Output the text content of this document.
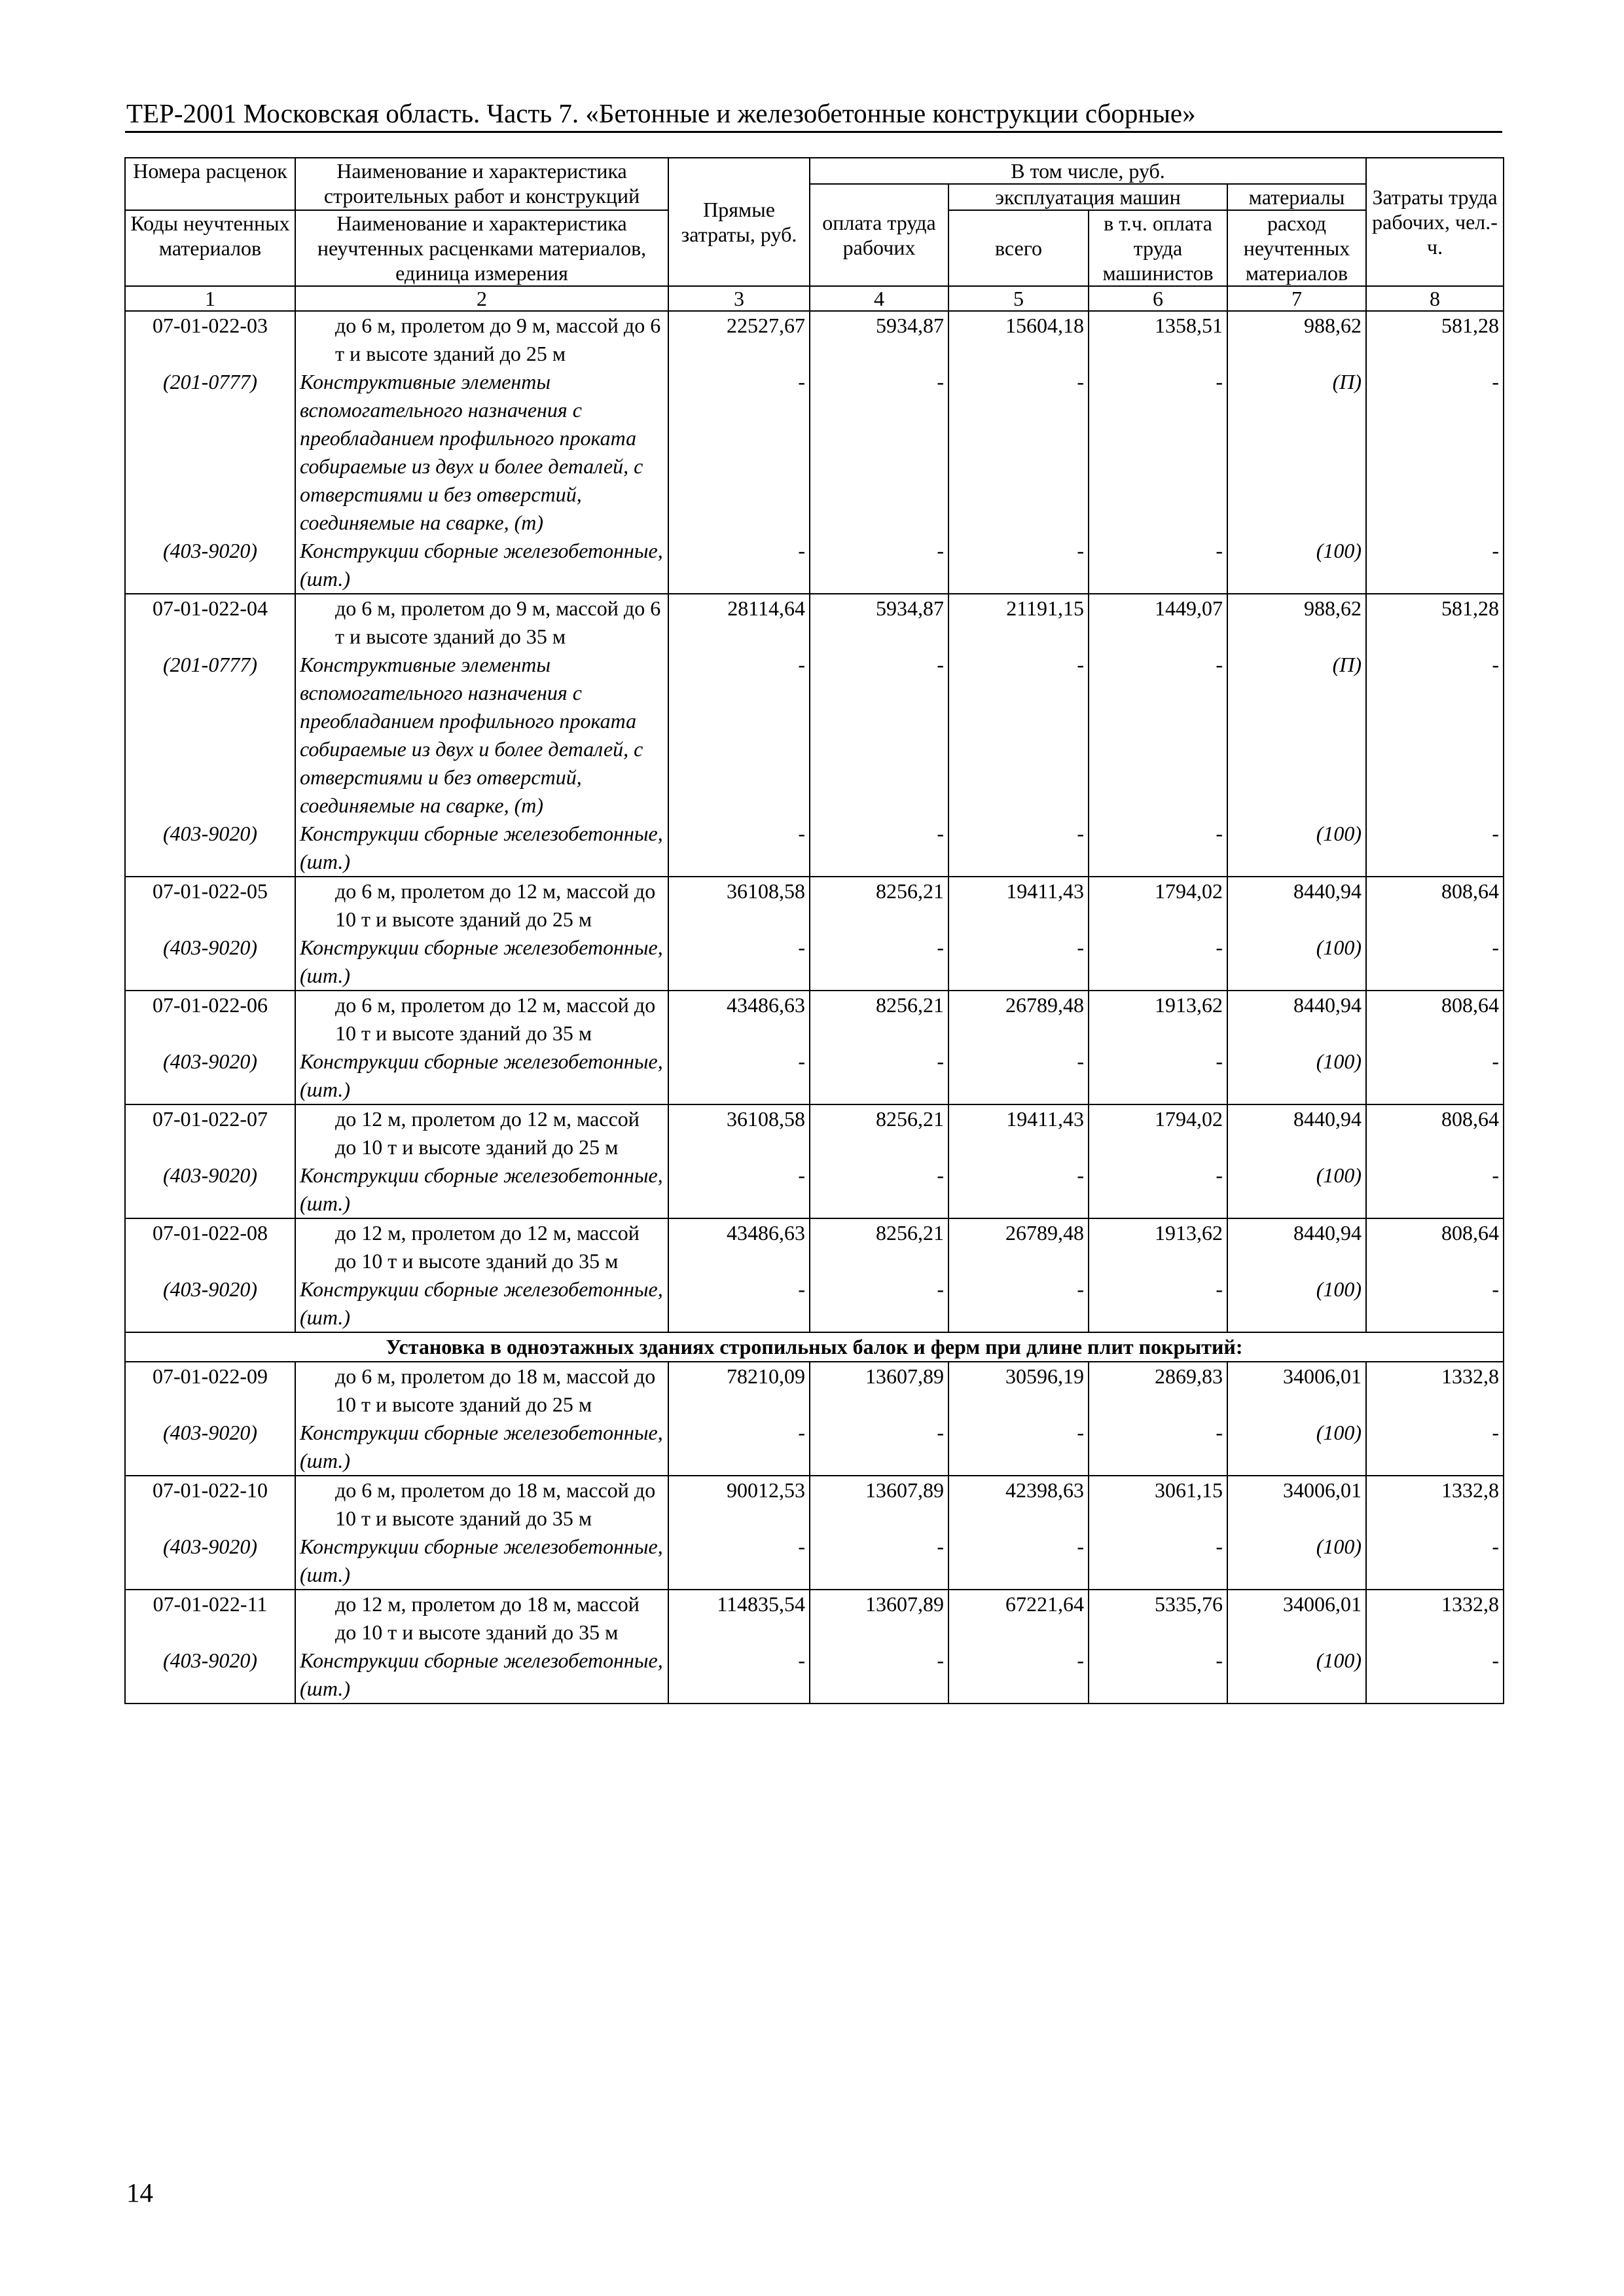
ТЕР-2001 Московская область. Часть 7. «Бетонные и железобетонные конструкции сборные»
Номера расценок	Наименование и характеристика строительных работ и конструкций	Прямые затраты, руб.	В том числе, руб.				Затраты труда рабочих, чел.-ч.
			оплата труда рабочих	эксплуатация машин		материалы	
Коды неучтенных материалов	Наименование и характеристика неучтенных расценками материалов, единица измерения			всего	в т.ч. оплата труда машинистов	расход неучтенных материалов	

1	2	3	4	5	6	7	8
07-01-022-03	до 6 м, пролетом до 9 м, массой до 6 т и высоте зданий до 25 м	22527,67	5934,87	15604,18	1358,51	988,62	581,28
(201-0777)	Конструктивные элементы вспомогательного назначения с преобладанием профильного проката собираемые из двух и более деталей, с отверстиями и без отверстий, соединяемые на сварке, (т)	-	-	-	-	(П)	-
(403-9020)	Конструкции сборные железобетонные, (шт.)	-	-	-	-	(100)	-
07-01-022-04	до 6 м, пролетом до 9 м, массой до 6 т и высоте зданий до 35 м	28114,64	5934,87	21191,15	1449,07	988,62	581,28
(201-0777)	Конструктивные элементы вспомогательного назначения с преобладанием профильного проката собираемые из двух и более деталей, с отверстиями и без отверстий, соединяемые на сварке, (т)	-	-	-	-	(П)	-
(403-9020)	Конструкции сборные железобетонные, (шт.)	-	-	-	-	(100)	-
07-01-022-05	до 6 м, пролетом до 12 м, массой до 10 т и высоте зданий до 25 м	36108,58	8256,21	19411,43	1794,02	8440,94	808,64
(403-9020)	Конструкции сборные железобетонные, (шт.)	-	-	-	-	(100)	-
07-01-022-06	до 6 м, пролетом до 12 м, массой до 10 т и высоте зданий до 35 м	43486,63	8256,21	26789,48	1913,62	8440,94	808,64
(403-9020)	Конструкции сборные железобетонные, (шт.)	-	-	-	-	(100)	-
07-01-022-07	до 12 м, пролетом до 12 м, массой до 10 т и высоте зданий до 25 м	36108,58	8256,21	19411,43	1794,02	8440,94	808,64
(403-9020)	Конструкции сборные железобетонные, (шт.)	-	-	-	-	(100)	-
07-01-022-08	до 12 м, пролетом до 12 м, массой до 10 т и высоте зданий до 35 м	43486,63	8256,21	26789,48	1913,62	8440,94	808,64
(403-9020)	Конструкции сборные железобетонные, (шт.)	-	-	-	-	(100)	-
Установка в одноэтажных зданиях стропильных балок и ферм при длине плит покрытий:							
07-01-022-09	до 6 м, пролетом до 18 м, массой до 10 т и высоте зданий до 25 м	78210,09	13607,89	30596,19	2869,83	34006,01	1332,8
(403-9020)	Конструкции сборные железобетонные, (шт.)	-	-	-	-	(100)	-
07-01-022-10	до 6 м, пролетом до 18 м, массой до 10 т и высоте зданий до 35 м	90012,53	13607,89	42398,63	3061,15	34006,01	1332,8
(403-9020)	Конструкции сборные железобетонные, (шт.)	-	-	-	-	(100)	-
07-01-022-11	до 12 м, пролетом до 18 м, массой до 10 т и высоте зданий до 35 м	114835,54	13607,89	67221,64	5335,76	34006,01	1332,8
(403-9020)	Конструкции сборные железобетонные, (шт.)	-	-	-	-	(100)	-
14
